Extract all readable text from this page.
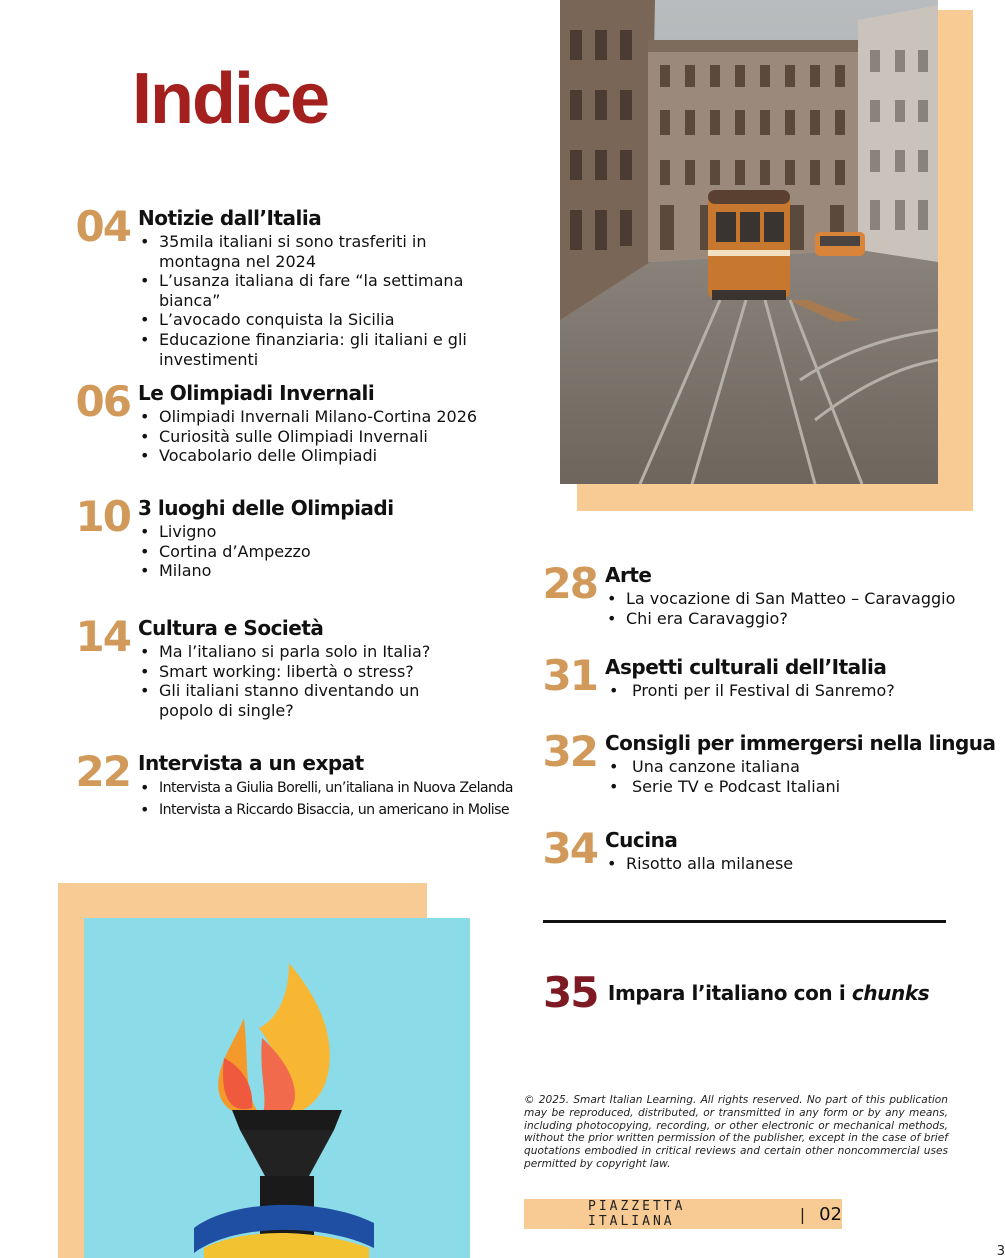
Indice
04 Notizie dall’Italia
• 35mila italiani si sono trasferiti in montagna nel 2024
• L’usanza italiana di fare “la settimana bianca”
• L’avocado conquista la Sicilia
• Educazione finanziaria: gli italiani e gli investimenti
06 Le Olimpiadi Invernali
• Olimpiadi Invernali Milano-Cortina 2026
• Curiosità sulle Olimpiadi Invernali
• Vocabolario delle Olimpiadi
10 3 luoghi delle Olimpiadi
• Livigno
• Cortina d’Ampezzo
• Milano
14 Cultura e Società
• Ma l’italiano si parla solo in Italia?
• Smart working: libertà o stress?
• Gli italiani stanno diventando un popolo di single?
22 Intervista a un expat
• Intervista a Giulia Borelli, un’italiana in Nuova Zelanda
• Intervista a Riccardo Bisaccia, un americano in Molise
28 Arte
• La vocazione di San Matteo – Caravaggio
• Chi era Caravaggio?
31 Aspetti culturali dell’Italia
• Pronti per il Festival di Sanremo?
32 Consigli per immergersi nella lingua
• Una canzone italiana
• Serie TV e Podcast Italiani
34 Cucina
• Risotto alla milanese
35 Impara l’italiano con i chunks
© 2025. Smart Italian Learning. All rights reserved. No part of this publication may be reproduced, distributed, or transmitted in any form or by any means, including photocopying, recording, or other electronic or mechanical methods, without the prior written permission of the publisher, except in the case of brief quotations embodied in critical reviews and certain other noncommercial uses permitted by copyright law.
PIAZZETTA ITALIANA	| 02
3
